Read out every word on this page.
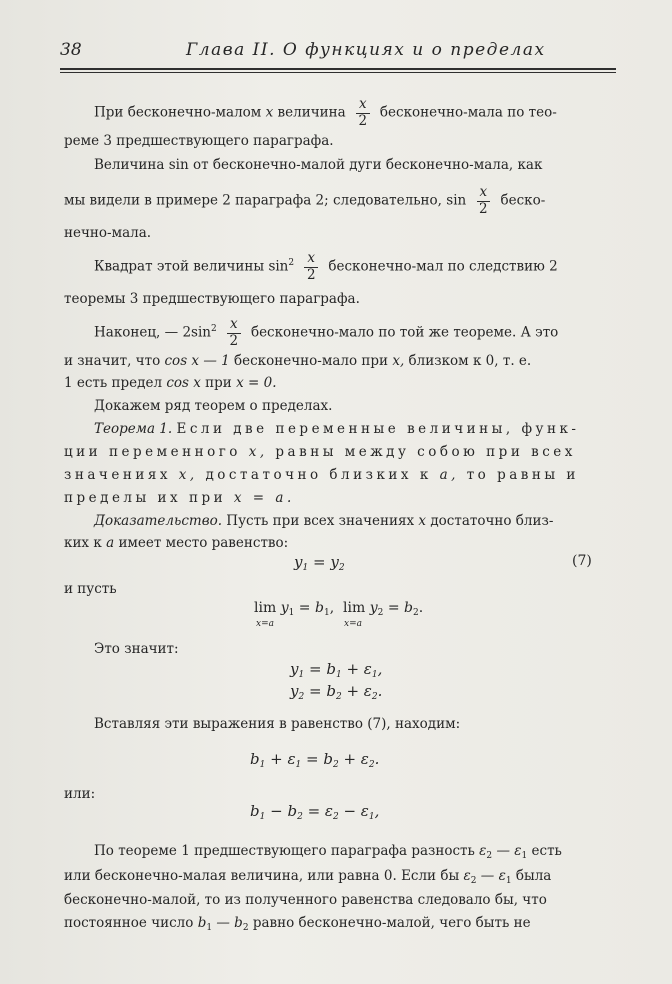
38	Глава II. О функциях и о пределах
При бесконечно-малом x величина $\frac{x}{2}$ бесконечно-мала по тео-
реме 3 предшествующего параграфа.
Величина sin от бесконечно-малой дуги бесконечно-мала, как
мы видели в примере 2 параграфа 2; следовательно, $\sin \frac{x}{2}$ беско-
нечно-мала.
Квадрат этой величины $\sin^2 \frac{x}{2}$ бесконечно-мал по следствию 2
теоремы 3 предшествующего параграфа.
Наконец, — $2\sin^2 \frac{x}{2}$ бесконечно-мало по той же теореме. А это
и значит, что cos x — 1 бесконечно-мало при x, близком к 0, т. е.
1 есть предел cos x при x = 0.
Докажем ряд теорем о пределах.
Теорема 1. Если две переменные величины, функ-
ции переменного x, равны между собою при всех
значениях x, достаточно близких к a, то равны и
пределы их при x = a.
Доказательство. Пусть при всех значениях x достаточно близ-
ких к a имеет место равенство:
$y_1 = y_2$	(7)
и пусть
$\lim y_1 = b_1$, $\lim y_2 = b_2$.
x=a	x=a
Это значит:
$y_1 = b_1 + \varepsilon_1$,
$y_2 = b_2 + \varepsilon_2$.
Вставляя эти выражения в равенство (7), находим:
$b_1 + \varepsilon_1 = b_2 + \varepsilon_2$.
или:
$b_1 - b_2 = \varepsilon_2 - \varepsilon_1$,
По теореме 1 предшествующего параграфа разность $\varepsilon_2$ — $\varepsilon_1$ есть
или бесконечно-малая величина, или равна 0. Если бы $\varepsilon_2$ — $\varepsilon_1$ была
бесконечно-малой, то из полученного равенства следовало бы, что
постоянное число $b_1$ — $b_2$ равно бесконечно-малой, чего быть не
